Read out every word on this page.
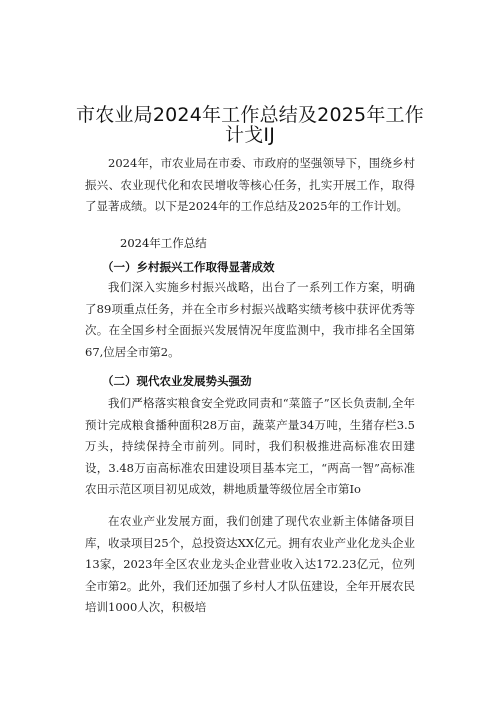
市农业局2024年工作总结及2025年工作
计戈IJ

2024年，市农业局在市委、市政府的坚强领导下，围绕乡村振兴、农业现代化和农民增收等核心任务，扎实开展工作，取得了显著成绩。以下是2024年的工作总结及2025年的工作计划。

2024年工作总结

（一）乡村振兴工作取得显著成效

我们深入实施乡村振兴战略，出台了一系列工作方案，明确了89项重点任务，并在全市乡村振兴战略实绩考核中获评优秀等次。在全国乡村全面振兴发展情况年度监测中，我市排名全国第67,位居全市第2。

（二）现代农业发展势头强劲

我们严格落实粮食安全党政同责和“菜篮子”区长负责制,全年预计完成粮食播种面积28万亩，蔬菜产量34万吨，生猪存栏3.5万头，持续保持全市前列。同时，我们积极推进高标准农田建设，3.48万亩高标准农田建设项目基本完工，“两高一智”高标准农田示范区项目初见成效，耕地质量等级位居全市第Io

在农业产业发展方面，我们创建了现代农业新主体储备项目库，收录项目25个，总投资达XX亿元。拥有农业产业化龙头企业13家，2023年全区农业龙头企业营业收入达172.23亿元，位列全市第2。此外，我们还加强了乡村人才队伍建设，全年开展农民培训1000人次，积极培
